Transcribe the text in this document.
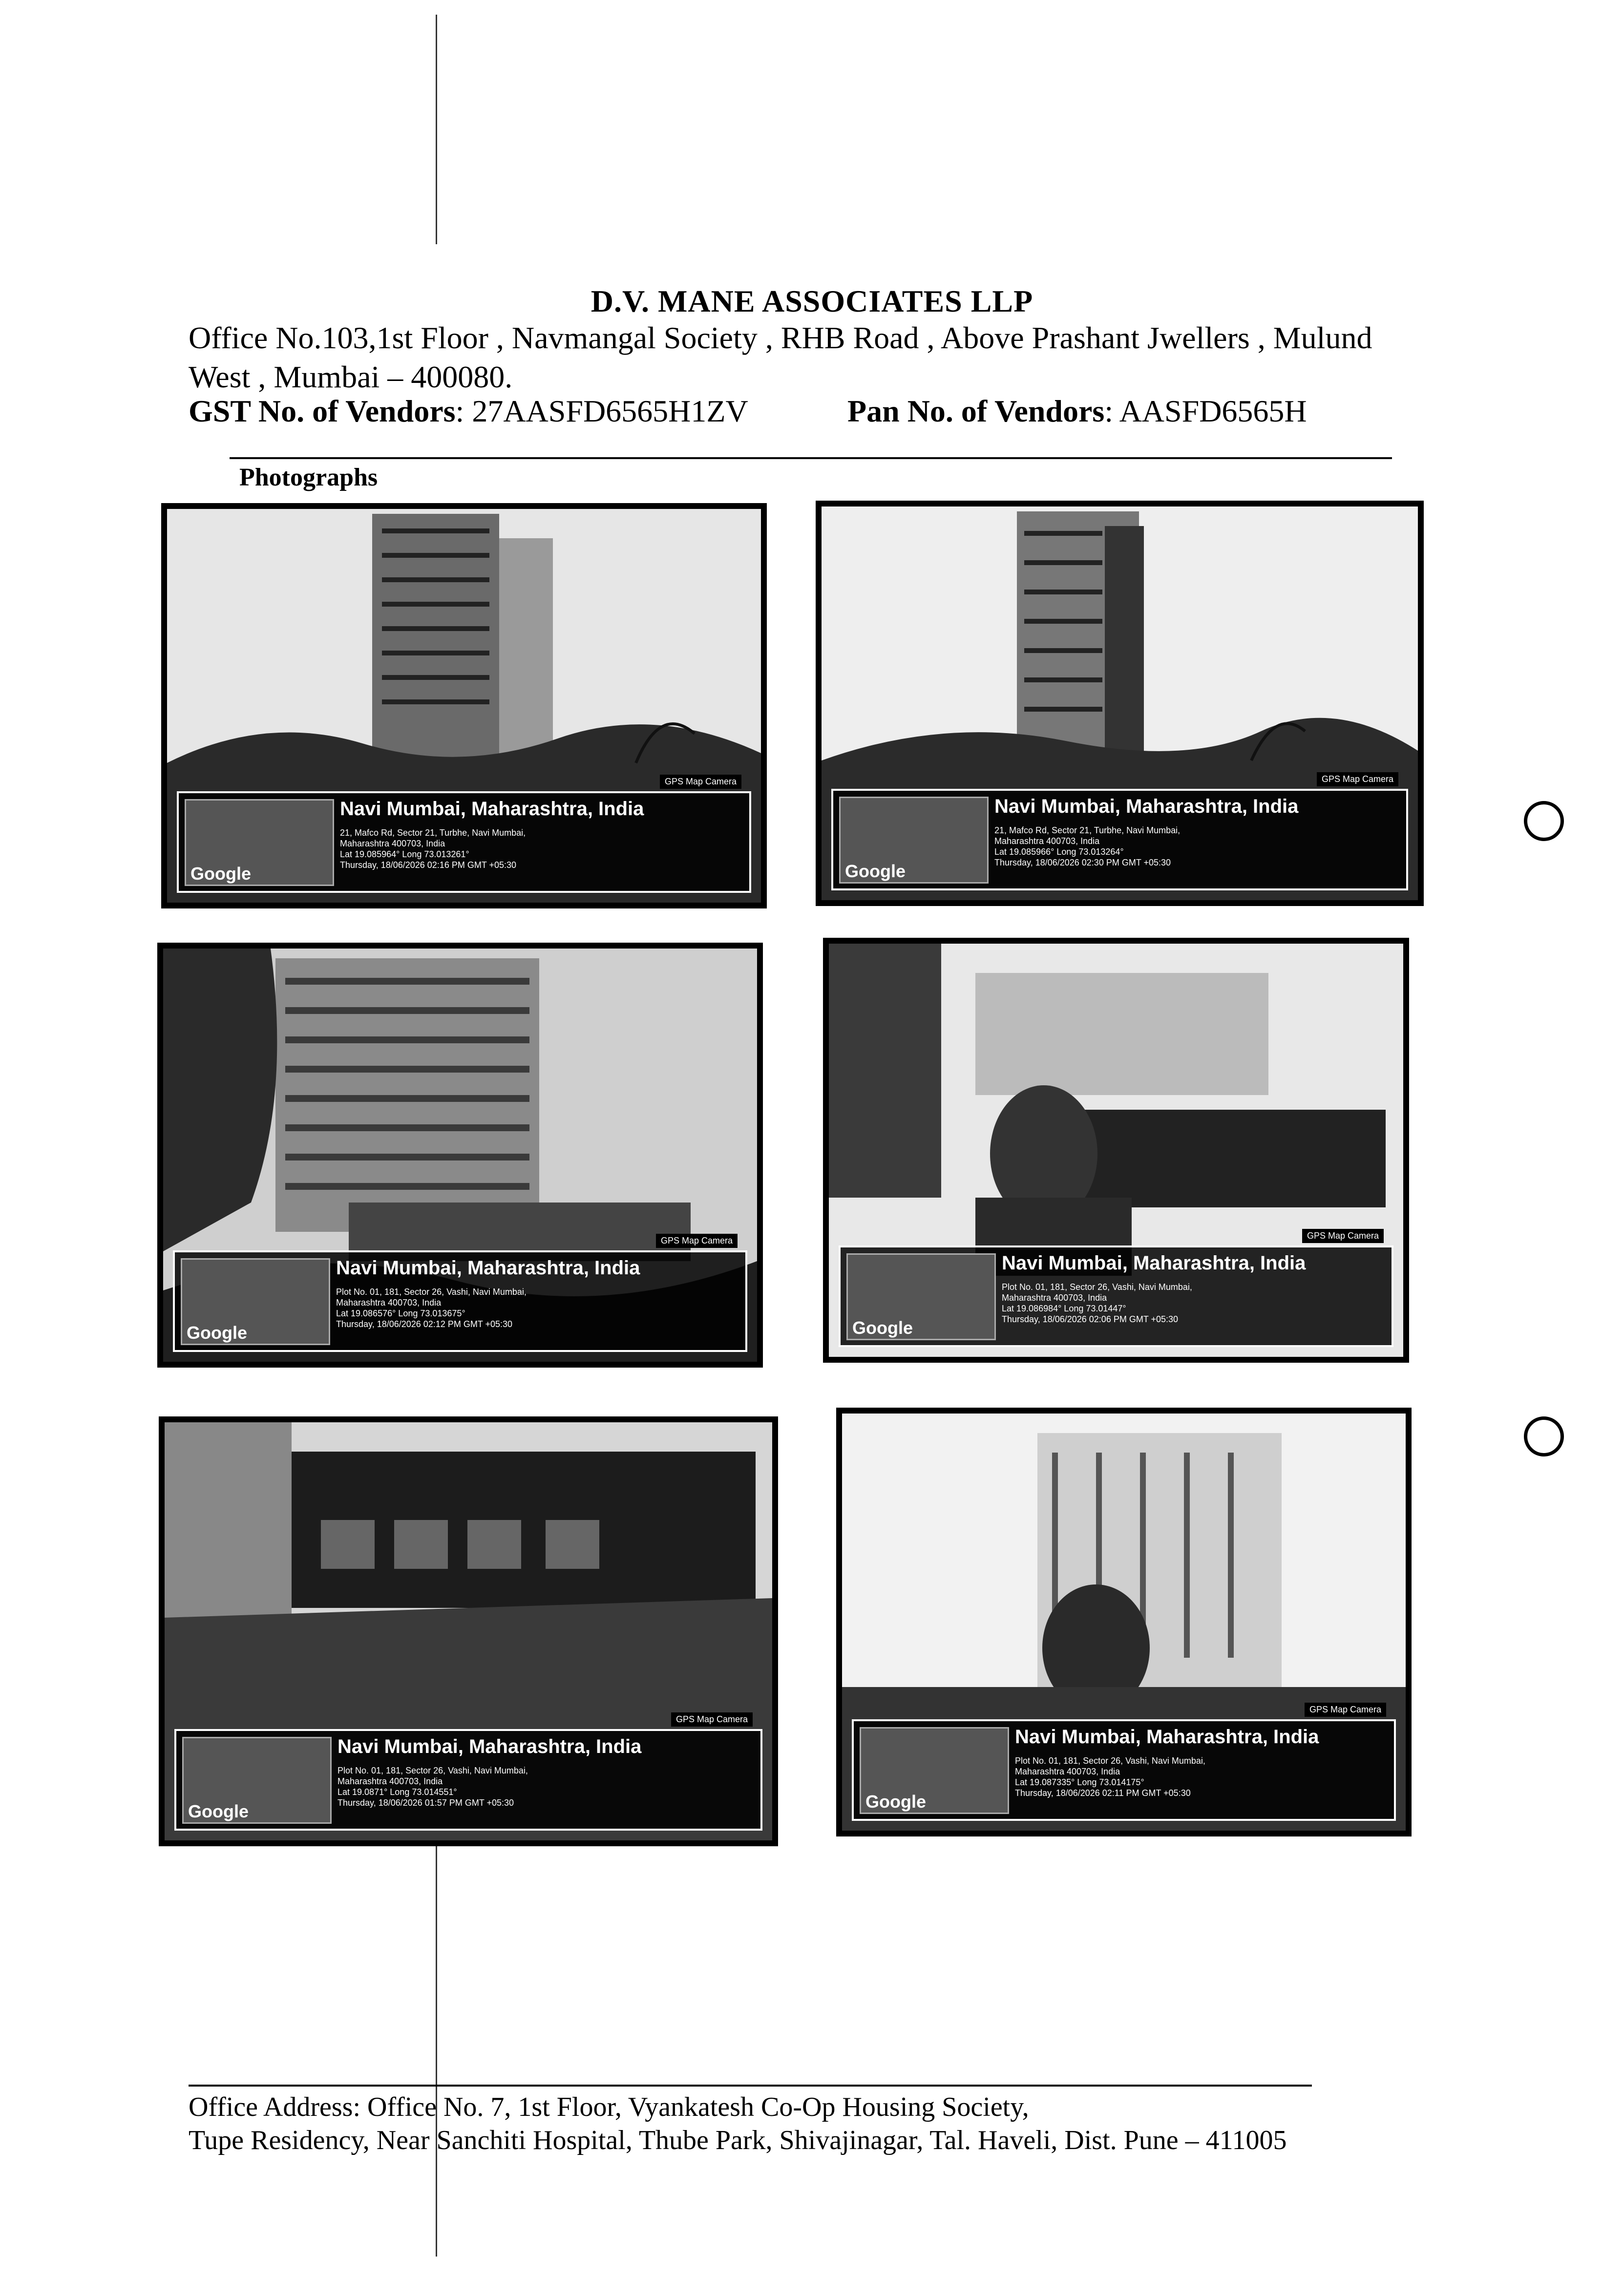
D.V. MANE ASSOCIATES LLP
Office No.103,1st Floor , Navmangal Society , RHB Road , Above Prashant Jwellers , Mulund
West , Mumbai – 400080.
GST No. of Vendors: 27AASFD6565H1ZV	Pan No. of Vendors: AASFD6565H
Photographs
GPS Map Camera
Google
Navi Mumbai, Maharashtra, India
21, Mafco Rd, Sector 21, Turbhe, Navi Mumbai,
Maharashtra 400703, India
Lat 19.085964° Long 73.013261°
Thursday, 18/06/2026 02:16 PM GMT +05:30
GPS Map Camera
Google
Navi Mumbai, Maharashtra, India
21, Mafco Rd, Sector 21, Turbhe, Navi Mumbai,
Maharashtra 400703, India
Lat 19.085966° Long 73.013264°
Thursday, 18/06/2026 02:30 PM GMT +05:30
GPS Map Camera
Google
Navi Mumbai, Maharashtra, India
Plot No. 01, 181, Sector 26, Vashi, Navi Mumbai,
Maharashtra 400703, India
Lat 19.086576° Long 73.013675°
Thursday, 18/06/2026 02:12 PM GMT +05:30
GPS Map Camera
Google
Navi Mumbai, Maharashtra, India
Plot No. 01, 181, Sector 26, Vashi, Navi Mumbai,
Maharashtra 400703, India
Lat 19.086984° Long 73.01447°
Thursday, 18/06/2026 02:06 PM GMT +05:30
GPS Map Camera
Google
Navi Mumbai, Maharashtra, India
Plot No. 01, 181, Sector 26, Vashi, Navi Mumbai,
Maharashtra 400703, India
Lat 19.0871° Long 73.014551°
Thursday, 18/06/2026 01:57 PM GMT +05:30
GPS Map Camera
Google
Navi Mumbai, Maharashtra, India
Plot No. 01, 181, Sector 26, Vashi, Navi Mumbai,
Maharashtra 400703, India
Lat 19.087335° Long 73.014175°
Thursday, 18/06/2026 02:11 PM GMT +05:30
Office Address: Office No. 7, 1st Floor, Vyankatesh Co-Op Housing Society,
Tupe Residency, Near Sanchiti Hospital, Thube Park, Shivajinagar, Tal. Haveli, Dist. Pune – 411005
